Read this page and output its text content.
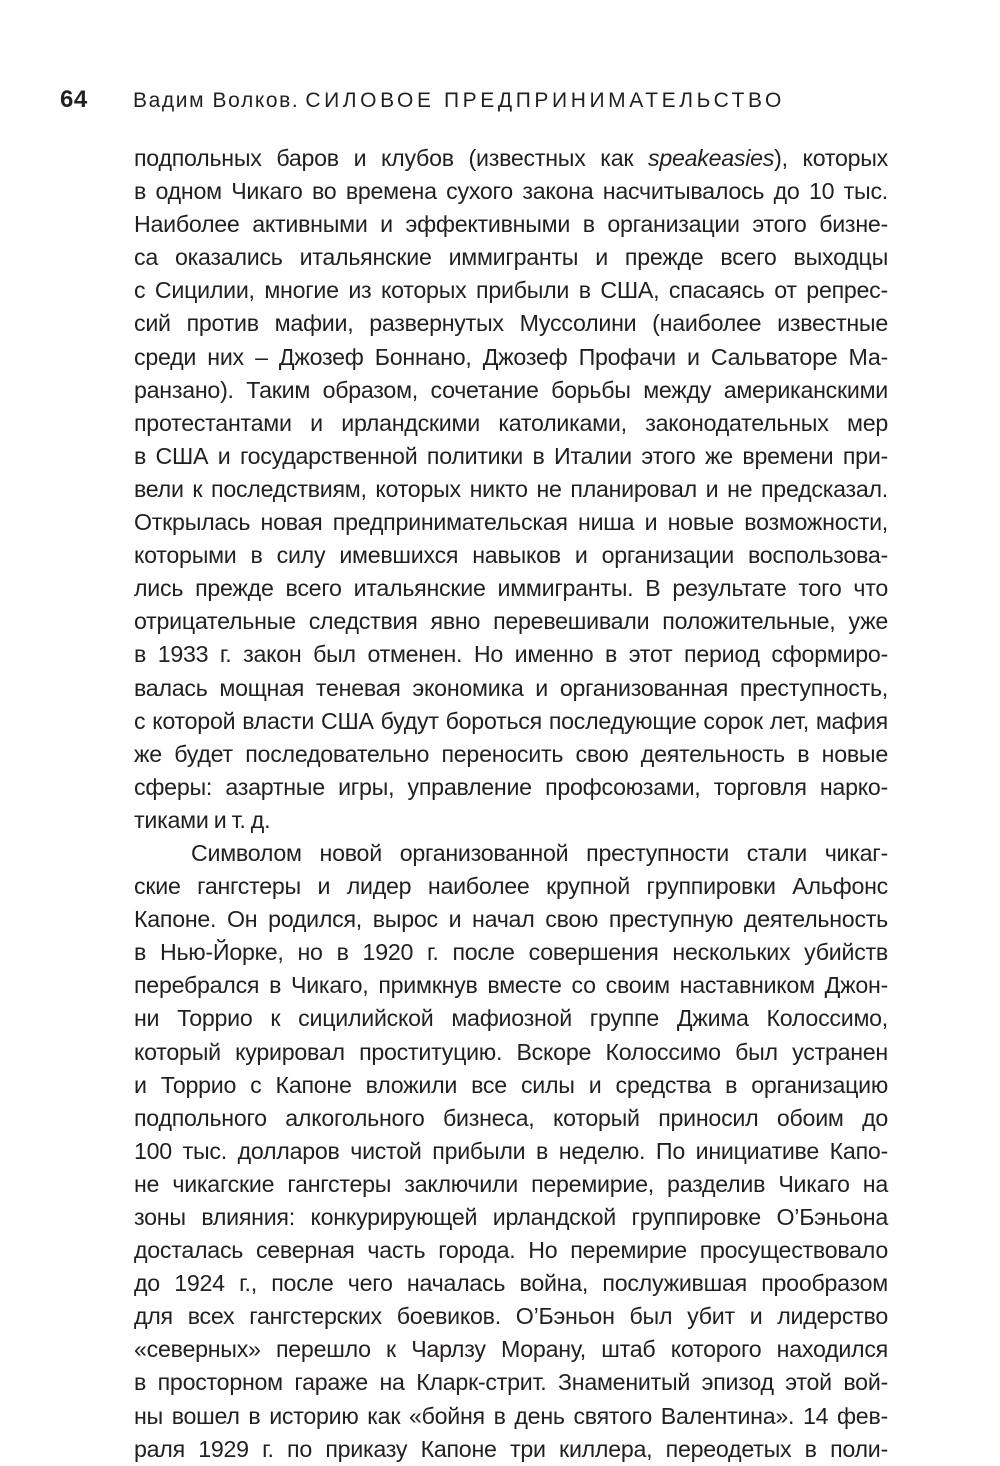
64	Вадим Волков. СИЛОВОЕ ПРЕДПРИНИМАТЕЛЬСТВО
подпольных баров и клубов (известных как speakeasies), которых
в одном Чикаго во времена сухого закона насчитывалось до 10 тыс.
Наиболее активными и эффективными в организации этого бизне-
са оказались итальянские иммигранты и прежде всего выходцы
с Сицилии, многие из которых прибыли в США, спасаясь от репрес-
сий против мафии, развернутых Муссолини (наиболее известные
среди них – Джозеф Боннано, Джозеф Профачи и Сальваторе Ма-
ранзано). Таким образом, сочетание борьбы между американскими
протестантами и ирландскими католиками, законодательных мер
в США и государственной политики в Италии этого же времени при-
вели к последствиям, которых никто не планировал и не предсказал.
Открылась новая предпринимательская ниша и новые возможности,
которыми в силу имевшихся навыков и организации воспользова-
лись прежде всего итальянские иммигранты. В результате того что
отрицательные следствия явно перевешивали положительные, уже
в 1933 г. закон был отменен. Но именно в этот период сформиро-
валась мощная теневая экономика и организованная преступность,
с которой власти США будут бороться последующие сорок лет, мафия
же будет последовательно переносить свою деятельность в новые
сферы: азартные игры, управление профсоюзами, торговля нарко-
тиками и т. д.
Символом новой организованной преступности стали чикаг-
ские гангстеры и лидер наиболее крупной группировки Альфонс
Капоне. Он родился, вырос и начал свою преступную деятельность
в Нью-Йорке, но в 1920 г. после совершения нескольких убийств
перебрался в Чикаго, примкнув вместе со своим наставником Джон-
ни Торрио к сицилийской мафиозной группе Джима Колоссимо,
который курировал проституцию. Вскоре Колоссимо был устранен
и Торрио с Капоне вложили все силы и средства в организацию
подпольного алкогольного бизнеса, который приносил обоим до
100 тыс. долларов чистой прибыли в неделю. По инициативе Капо-
не чикагские гангстеры заключили перемирие, разделив Чикаго на
зоны влияния: конкурирующей ирландской группировке О’Бэньона
досталась северная часть города. Но перемирие просуществовало
до 1924 г., после чего началась война, послужившая прообразом
для всех гангстерских боевиков. О’Бэньон был убит и лидерство
«северных» перешло к Чарлзу Морану, штаб которого находился
в просторном гараже на Кларк-стрит. Знаменитый эпизод этой вой-
ны вошел в историю как «бойня в день святого Валентина». 14 фев-
раля 1929 г. по приказу Капоне три киллера, переодетых в поли-
